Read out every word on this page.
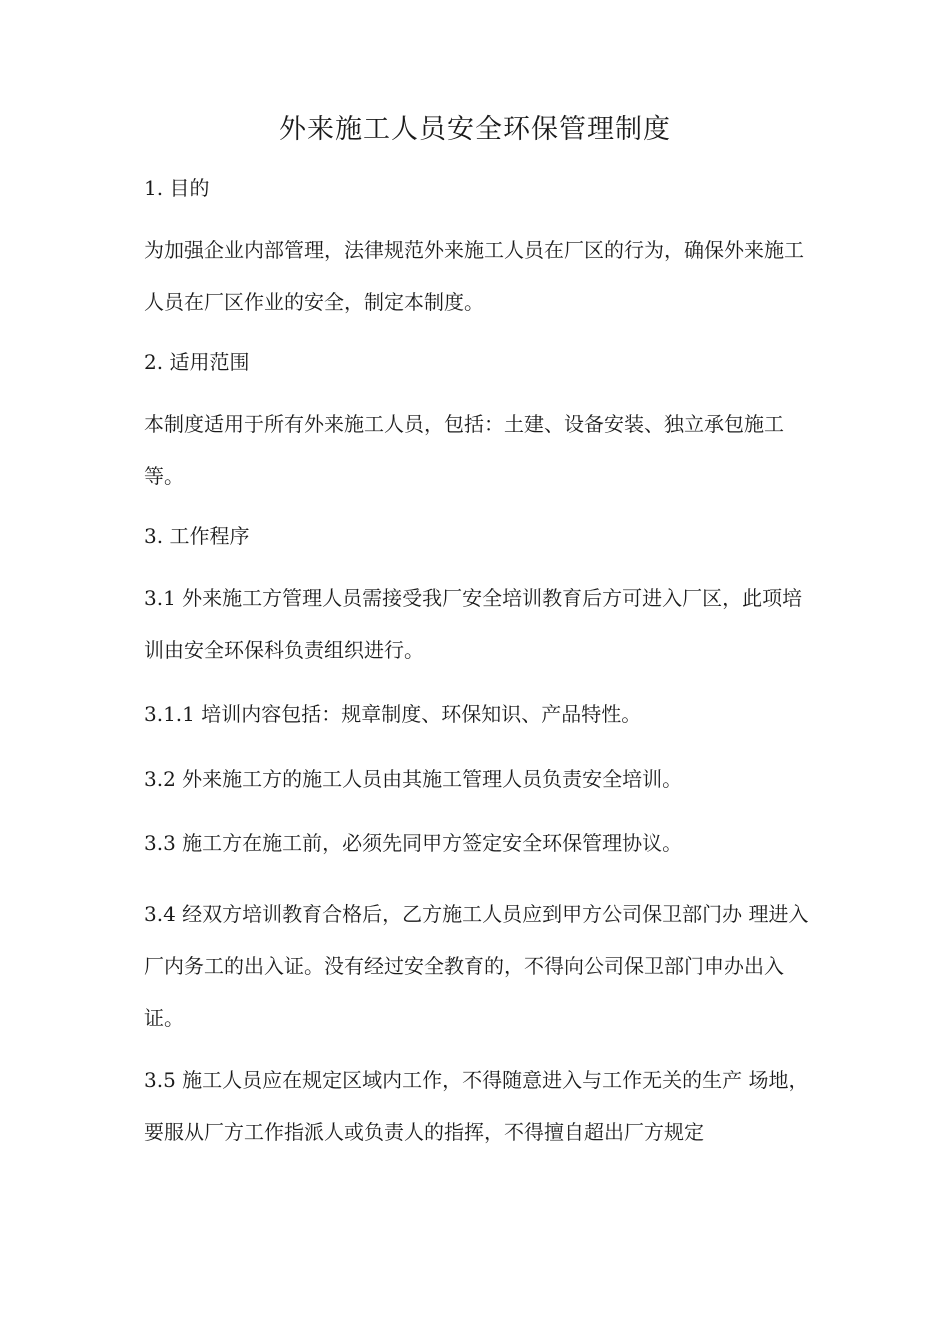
外来施工人员安全环保管理制度

1. 目的

为加强企业内部管理，法律规范外来施工人员在厂区的行为，确保外来施工 人员在厂区作业的安全，制定本制度。

2. 适用范围

本制度适用于所有外来施工人员，包括：土建、设备安装、独立承包施工等。

3. 工作程序

3.1 外来施工方管理人员需接受我厂安全培训教育后方可进入厂区，此项培训由安全环保科负责组织进行。

3.1.1 培训内容包括：规章制度、环保知识、产品特性。

3.2 外来施工方的施工人员由其施工管理人员负责安全培训。

3.3 施工方在施工前，必须先同甲方签定安全环保管理协议。

3.4 经双方培训教育合格后，乙方施工人员应到甲方公司保卫部门办 理进入厂内务工的出入证。没有经过安全教育的，不得向公司保卫部门申办出入证。

3.5 施工人员应在规定区域内工作，不得随意进入与工作无关的生产 场地，要服从厂方工作指派人或负责人的指挥，不得擅自超出厂方规定
